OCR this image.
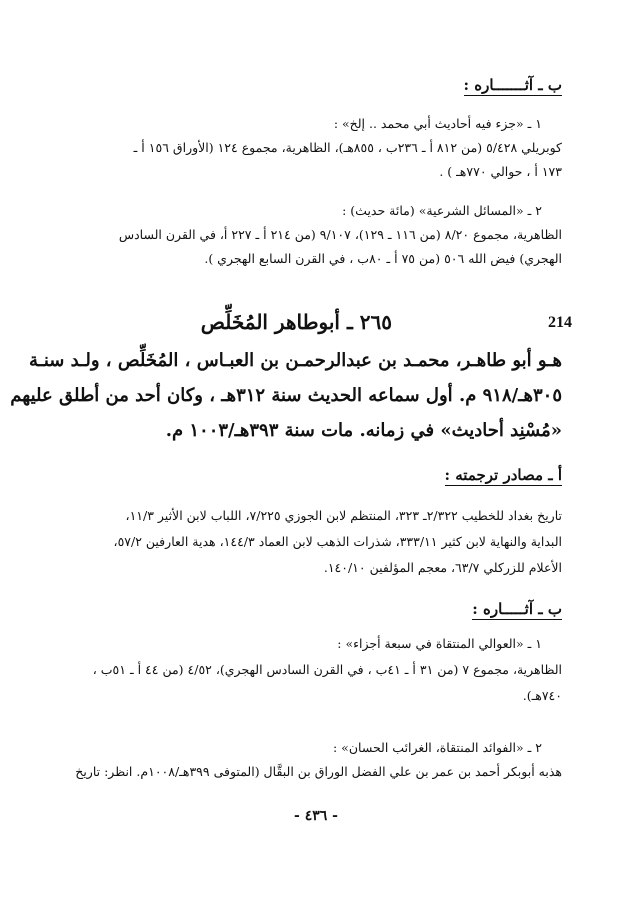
ب ـ آثـــــــاره :
١ ـ «جزء فيه أحاديث أبي محمد .. إلخ» :
كوبريلي ٥/٤٢٨ (من ٨١٢ أ ـ ٢٣٦ب ، ٨٥٥هـ)، الظاهرية، مجموع ١٢٤ (الأوراق ١٥٦ أ ـ
١٧٣ أ ، حوالي ٧٧٠هـ ) .
٢ ـ «المسائل الشرعية» (مائة حديث) :
الظاهرية، مجموع ٨/٢٠ (من ١١٦ ـ ١٢٩)، ٩/١٠٧ (من ٢١٤ أ ـ ٢٢٧ أ، في القرن السادس
الهجري) فيض الله ٥٠٦ (من ٧٥ أ ـ ٨٠ب ، في القرن السابع الهجري ).
214
٢٦٥ ـ أبوطاهر المُخَلِّص
هـو أبو طاهـر، محمـد بن عبدالرحمـن بن العبـاس ، المُخَلِّص ، ولـد سنـة
٣٠٥هـ/٩١٨ م. أول سماعه الحديث سنة ٣١٢هـ ، وكان أحد من أطلق عليهم
«مُسْنِد أحاديث» في زمانه. مات سنة ٣٩٣هـ/١٠٠٣ م.
أ ـ مصادر ترجمته :
تاريخ بغداد للخطيب ٢/٣٢٢ـ ٣٢٣، المنتظم لابن الجوزي ٧/٢٢٥، اللباب لابن الأثير ١١/٣،
البداية والنهاية لابن كثير ٣٣٣/١١، شذرات الذهب لابن العماد ١٤٤/٣، هدية العارفين ٥٧/٢،
الأعلام للزركلي ٦٣/٧، معجم المؤلفين ١٤٠/١٠.
ب ـ آثـــــاره :
١ ـ «العوالي المنتقاة في سبعة أجزاء» :
الظاهرية، مجموع ٧ (من ٣١ أ ـ ٤١ب ، في القرن السادس الهجري)، ٤/٥٢ (من ٤٤ أ ـ ٥١ب ،
٧٤٠هـ).
٢ ـ «الفوائد المنتقاة، الغرائب الحسان» :
هذبه أبوبكر أحمد بن عمر بن علي الفضل الوراق بن البقَّال (المتوفى ٣٩٩هـ/١٠٠٨م. انظر: تاريخ
- ٤٣٦ -
